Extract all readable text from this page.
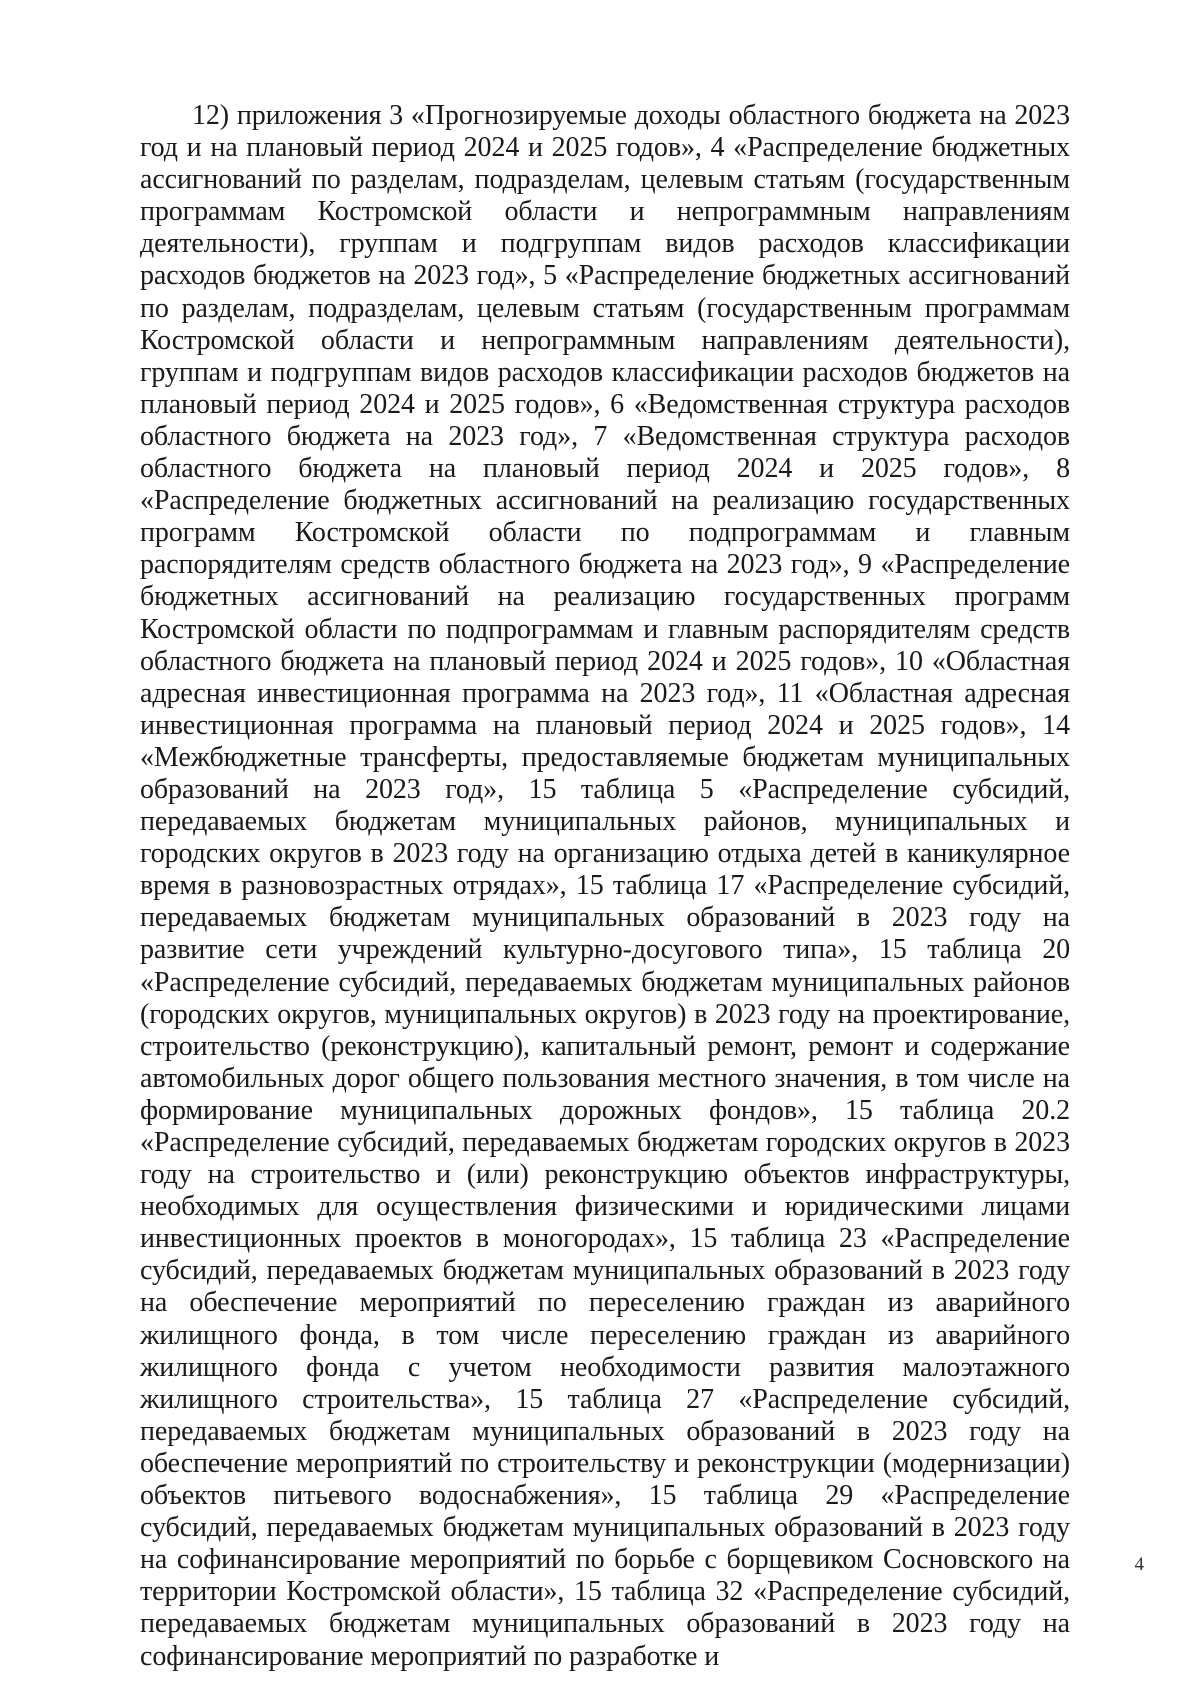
12) приложения 3 «Прогнозируемые доходы областного бюджета на 2023 год и на плановый период 2024 и 2025 годов», 4 «Распределение бюджетных ассигнований по разделам, подразделам, целевым статьям (государственным программам Костромской области и непрограммным направлениям деятельности), группам и подгруппам видов расходов классификации расходов бюджетов на 2023 год», 5 «Распределение бюджетных ассигнований по разделам, подразделам, целевым статьям (государственным программам Костромской области и непрограммным направлениям деятельности), группам и подгруппам видов расходов классификации расходов бюджетов на плановый период 2024 и 2025 годов», 6 «Ведомственная структура расходов областного бюджета на 2023 год», 7 «Ведомственная структура расходов областного бюджета на плановый период 2024 и 2025 годов», 8 «Распределение бюджетных ассигнований на реализацию государственных программ Костромской области по подпрограммам и главным распорядителям средств областного бюджета на 2023 год», 9 «Распределение бюджетных ассигнований на реализацию государственных программ Костромской области по подпрограммам и главным распорядителям средств областного бюджета на плановый период 2024 и 2025 годов», 10 «Областная адресная инвестиционная программа на 2023 год», 11 «Областная адресная инвестиционная программа на плановый период 2024 и 2025 годов», 14 «Межбюджетные трансферты, предоставляемые бюджетам муниципальных образований на 2023 год», 15 таблица 5 «Распределение субсидий, передаваемых бюджетам муниципальных районов, муниципальных и городских округов в 2023 году на организацию отдыха детей в каникулярное время в разновозрастных отрядах», 15 таблица 17 «Распределение субсидий, передаваемых бюджетам муниципальных образований в 2023 году на развитие сети учреждений культурно-досугового типа», 15 таблица 20 «Распределение субсидий, передаваемых бюджетам муниципальных районов (городских округов, муниципальных округов) в 2023 году на проектирование, строительство (реконструкцию), капитальный ремонт, ремонт и содержание автомобильных дорог общего пользования местного значения, в том числе на формирование муниципальных дорожных фондов», 15 таблица 20.2 «Распределение субсидий, передаваемых бюджетам городских округов в 2023 году на строительство и (или) реконструкцию объектов инфраструктуры, необходимых для осуществления физическими и юридическими лицами инвестиционных проектов в моногородах», 15 таблица 23 «Распределение субсидий, передаваемых бюджетам муниципальных образований в 2023 году на обеспечение мероприятий по переселению граждан из аварийного жилищного фонда, в том числе переселению граждан из аварийного жилищного фонда с учетом необходимости развития малоэтажного жилищного строительства», 15 таблица 27 «Распределение субсидий, передаваемых бюджетам муниципальных образований в 2023 году на обеспечение мероприятий по строительству и реконструкции (модернизации) объектов питьевого водоснабжения», 15 таблица 29 «Распределение субсидий, передаваемых бюджетам муниципальных образований в 2023 году на софинансирование мероприятий по борьбе с борщевиком Сосновского на территории Костромской области», 15 таблица 32 «Распределение субсидий, передаваемых бюджетам муниципальных образований в 2023 году на софинансирование мероприятий по разработке и

4
